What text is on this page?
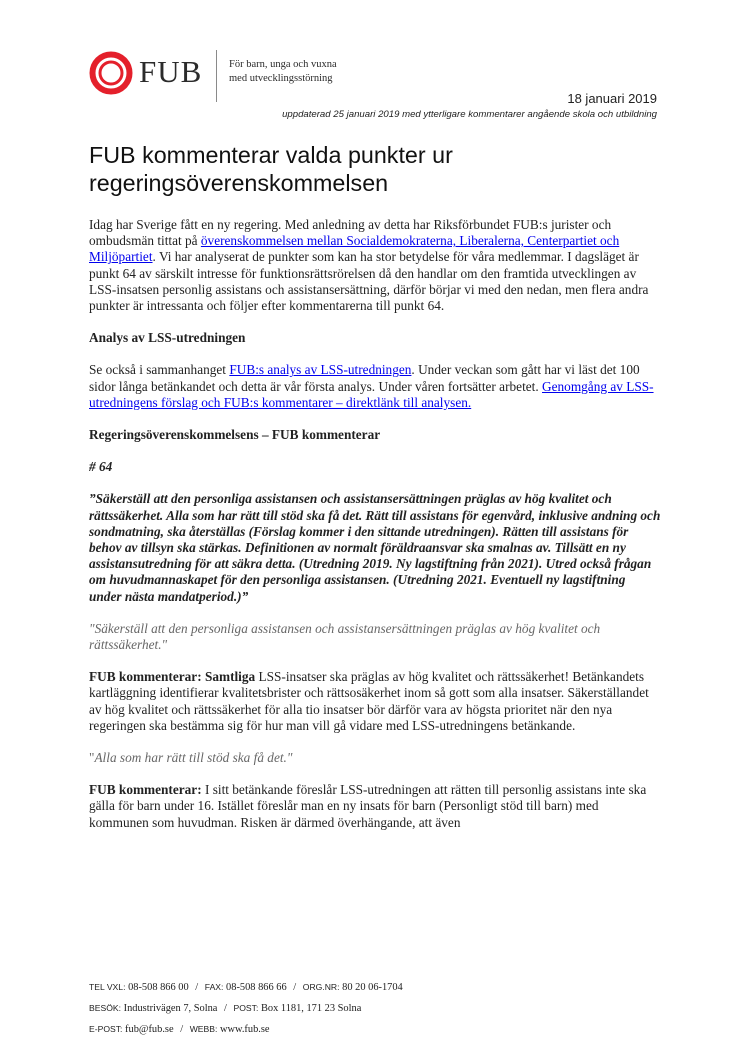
FUB	För barn, unga och vuxna
med utvecklingsstörning
18 januari 2019
uppdaterad 25 januari 2019 med ytterligare kommentarer angående skola och utbildning
FUB kommenterar valda punkter ur regeringsöverenskommelsen

Idag har Sverige fått en ny regering. Med anledning av detta har Riksförbundet FUB:s jurister och ombudsmän tittat på överenskommelsen mellan Socialdemokraterna, Liberalerna, Centerpartiet och Miljöpartiet. Vi har analyserat de punkter som kan ha stor betydelse för våra medlemmar. I dagsläget är punkt 64 av särskilt intresse för funktionsrättsrörelsen då den handlar om den framtida utvecklingen av LSS-insatsen personlig assistans och assistansersättning, därför börjar vi med den nedan, men flera andra punkter är intressanta och följer efter kommentarerna till punkt 64.

Analys av LSS-utredningen

Se också i sammanhanget FUB:s analys av LSS-utredningen. Under veckan som gått har vi läst det 100 sidor långa betänkandet och detta är vår första analys. Under våren fortsätter arbetet. Genomgång av LSS-utredningens förslag och FUB:s kommentarer – direktlänk till analysen.

Regeringsöverenskommelsens – FUB kommenterar

# 64

”Säkerställ att den personliga assistansen och assistansersättningen präglas av hög kvalitet och rättssäkerhet. Alla som har rätt till stöd ska få det. Rätt till assistans för egenvård, inklusive andning och sondmatning, ska återställas (Förslag kommer i den sittande utredningen). Rätten till assistans för behov av tillsyn ska stärkas. Definitionen av normalt föräldraansvar ska smalnas av. Tillsätt en ny assistansutredning för att säkra detta. (Utredning 2019. Ny lagstiftning från 2021). Utred också frågan om huvudmannaskapet för den personliga assistansen. (Utredning 2021. Eventuell ny lagstiftning under nästa mandatperiod.)”

"Säkerställ att den personliga assistansen och assistansersättningen präglas av hög kvalitet och rättssäkerhet."

FUB kommenterar: Samtliga LSS-insatser ska präglas av hög kvalitet och rättssäkerhet! Betänkandets kartläggning identifierar kvalitetsbrister och rättsosäkerhet inom så gott som alla insatser. Säkerställandet av hög kvalitet och rättssäkerhet för alla tio insatser bör därför vara av högsta prioritet när den nya regeringen ska bestämma sig för hur man vill gå vidare med LSS-utredningens betänkande.

"Alla som har rätt till stöd ska få det."

FUB kommenterar: I sitt betänkande föreslår LSS-utredningen att rätten till personlig assistans inte ska gälla för barn under 16. Istället föreslår man en ny insats för barn (Personligt stöd till barn) med kommunen som huvudman. Risken är därmed överhängande, att även

TEL VXL: 08-508 866 00 / FAX: 08-508 866 66 / ORG.NR: 80 20 06-1704
BESÖK: Industrivägen 7, Solna / POST: Box 1181, 171 23 Solna
E-POST: fub@fub.se / WEBB: www.fub.se
